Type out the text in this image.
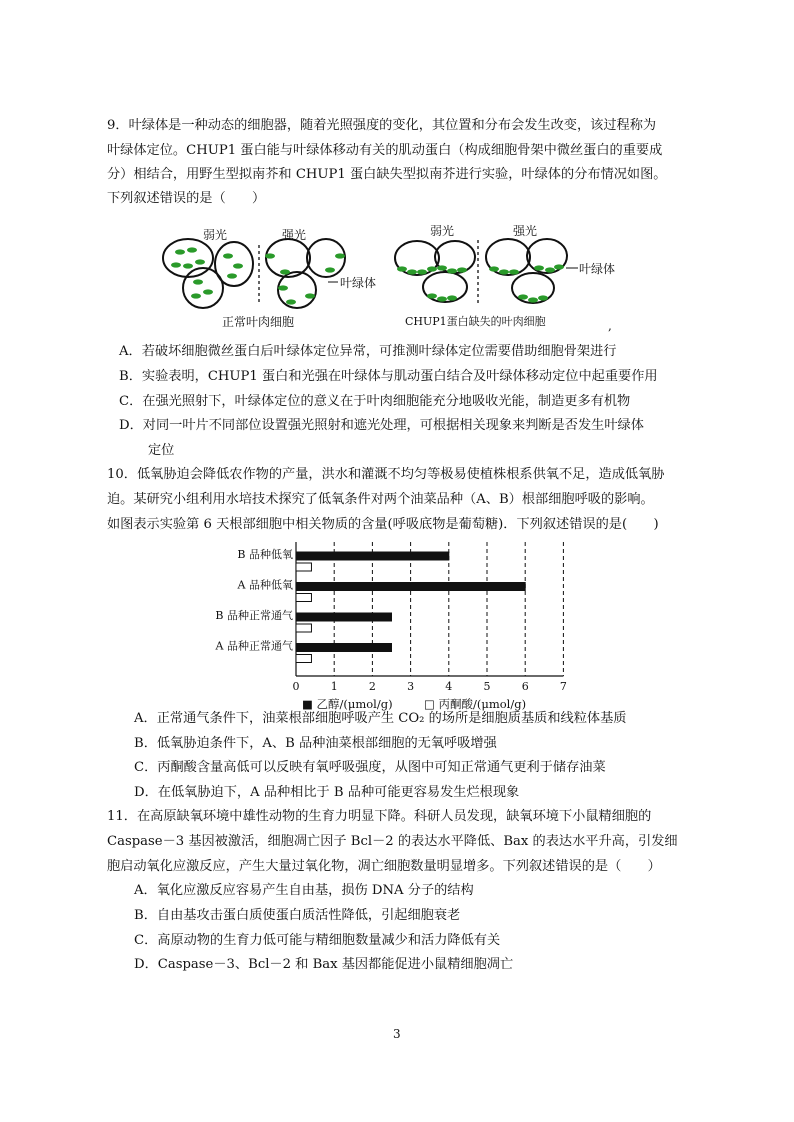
9．叶绿体是一种动态的细胞器，随着光照强度的变化，其位置和分布会发生改变，该过程称为
叶绿体定位。CHUP1 蛋白能与叶绿体移动有关的肌动蛋白（构成细胞骨架中微丝蛋白的重要成
分）相结合，用野生型拟南芥和 CHUP1 蛋白缺失型拟南芥进行实验，叶绿体的分布情况如图。
下列叙述错误的是（　　）
弱光	强光
叶绿体
正常叶肉细胞
弱光	强光
叶绿体
CHUP1蛋白缺失的叶肉细胞	,
A．若破坏细胞微丝蛋白后叶绿体定位异常，可推测叶绿体定位需要借助细胞骨架进行
B．实验表明，CHUP1 蛋白和光强在叶绿体与肌动蛋白结合及叶绿体移动定位中起重要作用
C．在强光照射下，叶绿体定位的意义在于叶肉细胞能充分地吸收光能，制造更多有机物
D．对同一叶片不同部位设置强光照射和遮光处理，可根据相关现象来判断是否发生叶绿体
定位
10．低氧胁迫会降低农作物的产量，洪水和灌溉不均匀等极易使植株根系供氧不足，造成低氧胁
迫。某研究小组利用水培技术探究了低氧条件对两个油菜品种（A、B）根部细胞呼吸的影响。
如图表示实验第 6 天根部细胞中相关物质的含量(呼吸底物是葡萄糖)．下列叙述错误的是(　　)
0	1	2	3	4	5	6	7
B 品种低氧
A 品种低氧
B 品种正常通气
A 品种正常通气
■ 乙醇/(μmol/g)	□ 丙酮酸/(μmol/g)
A．正常通气条件下，油菜根部细胞呼吸产生 CO₂ 的场所是细胞质基质和线粒体基质
B．低氧胁迫条件下，A、B 品种油菜根部细胞的无氧呼吸增强
C．丙酮酸含量高低可以反映有氧呼吸强度，从图中可知正常通气更利于储存油菜
D．在低氧胁迫下，A 品种相比于 B 品种可能更容易发生烂根现象
11．在高原缺氧环境中雄性动物的生育力明显下降。科研人员发现，缺氧环境下小鼠精细胞的
Caspase－3 基因被激活，细胞凋亡因子 Bcl－2 的表达水平降低、Bax 的表达水平升高，引发细
胞启动氧化应激反应，产生大量过氧化物，凋亡细胞数量明显增多。下列叙述错误的是（　　）
A．氧化应激反应容易产生自由基，损伤 DNA 分子的结构
B．自由基攻击蛋白质使蛋白质活性降低，引起细胞衰老
C．高原动物的生育力低可能与精细胞数量减少和活力降低有关
D．Caspase－3、Bcl－2 和 Bax 基因都能促进小鼠精细胞凋亡
3
